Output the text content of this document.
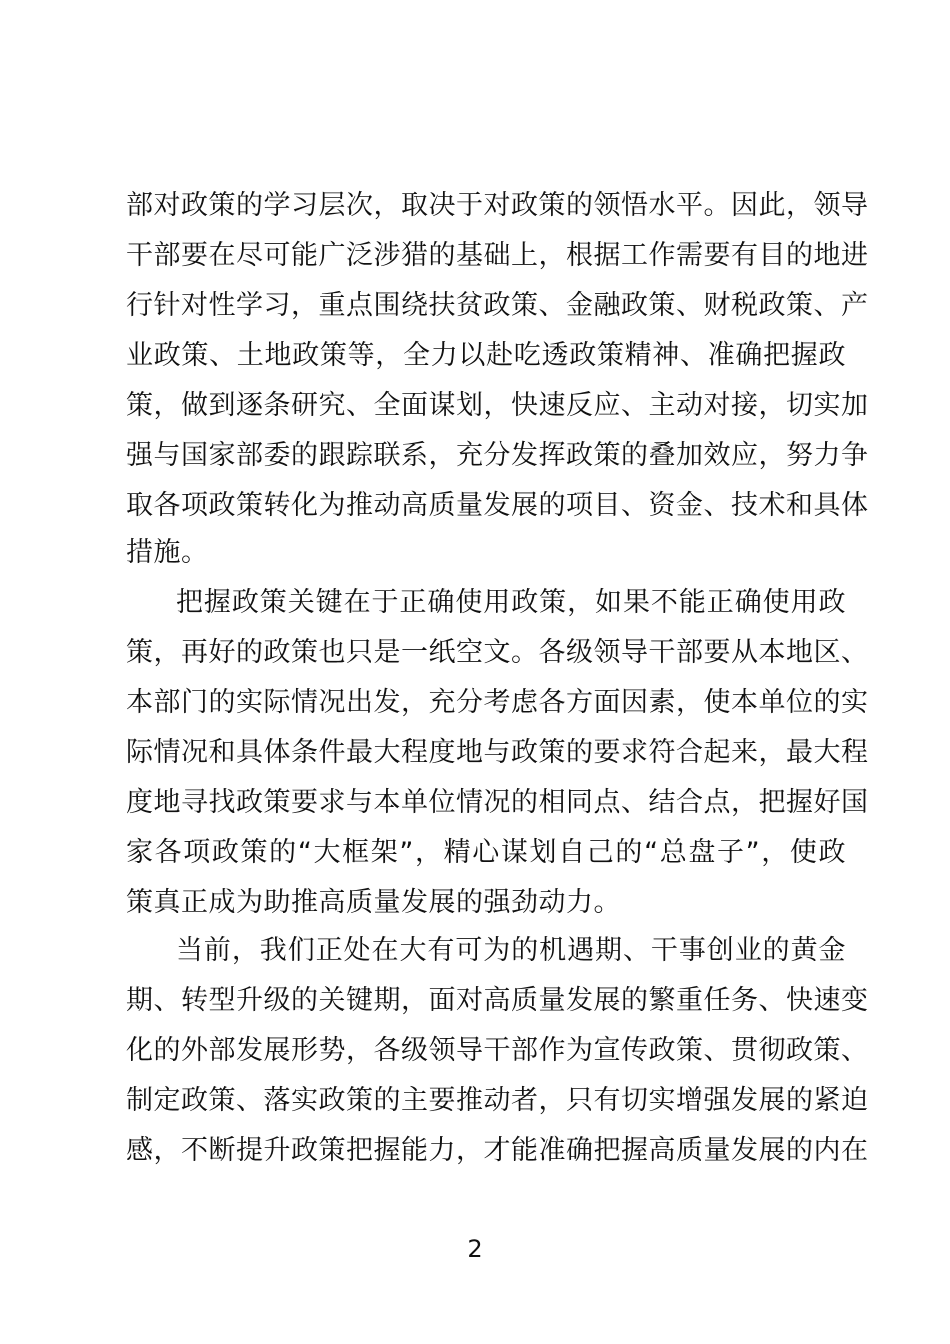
部对政策的学习层次，取决于对政策的领悟水平。因此，领导
干部要在尽可能广泛涉猎的基础上，根据工作需要有目的地进
行针对性学习，重点围绕扶贫政策、金融政策、财税政策、产
业政策、土地政策等，全力以赴吃透政策精神、准确把握政
策，做到逐条研究、全面谋划，快速反应、主动对接，切实加
强与国家部委的跟踪联系，充分发挥政策的叠加效应，努力争
取各项政策转化为推动高质量发展的项目、资金、技术和具体
措施。
把握政策关键在于正确使用政策，如果不能正确使用政
策，再好的政策也只是一纸空文。各级领导干部要从本地区、
本部门的实际情况出发，充分考虑各方面因素，使本单位的实
际情况和具体条件最大程度地与政策的要求符合起来，最大程
度地寻找政策要求与本单位情况的相同点、结合点，把握好国
家各项政策的“大框架”，精心谋划自己的“总盘子”，使政
策真正成为助推高质量发展的强劲动力。
当前，我们正处在大有可为的机遇期、干事创业的黄金
期、转型升级的关键期，面对高质量发展的繁重任务、快速变
化的外部发展形势，各级领导干部作为宣传政策、贯彻政策、
制定政策、落实政策的主要推动者，只有切实增强发展的紧迫
感，不断提升政策把握能力，才能准确把握高质量发展的内在
2
